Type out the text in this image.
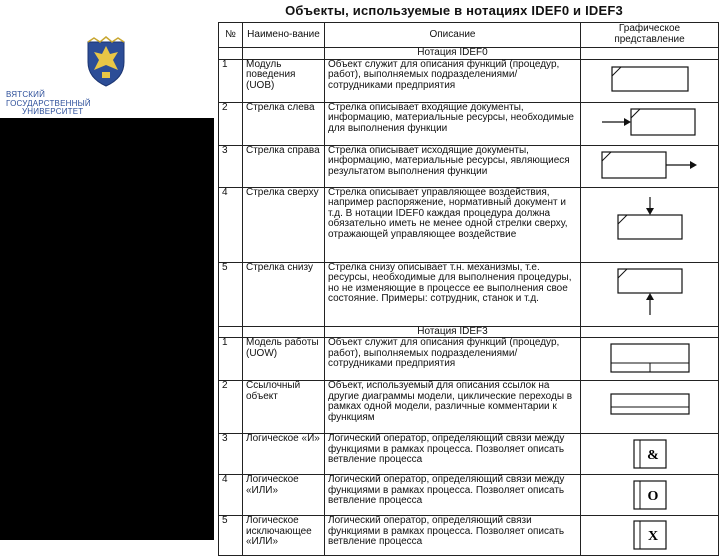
ВЯТСКИЙ
ГОСУДАРСТВЕННЫЙ
УНИВЕРСИТЕТ
Объекты, используемые в нотациях IDEF0 и IDEF3
№	Наимено-вание	Описание	Графическое представление
		Нотация IDEF0	
1	Модуль поведения (UOB)	Объект служит для описания функций (процедур, работ), выполняемых подразделениями/сотрудниками предприятия	

2	Стрелка слева	Стрелка описывает входящие документы, информацию, материальные ресурсы, необходимые для выполнения функции	

3	Стрелка справа	Стрелка описывает исходящие документы, информацию, материальные ресурсы, являющиеся результатом выполнения функции	

4	Стрелка сверху	Стрелка описывает управляющее воздействия, например распоряжение, нормативный документ и т.д. В нотации IDEF0 каждая процедура должна обязательно иметь не менее одной стрелки сверху, отражающей управляющее воздействие	

5	Стрелка снизу	Стрелка снизу описывает т.н. механизмы, т.е. ресурсы, необходимые для выполнения процедуры, но не изменяющие в процессе ее выполнения свое состояние. Примеры: сотрудник, станок и т.д.	

		Нотация IDEF3	
1	Модель работы (UOW)	Объект служит для описания функций (процедур, работ), выполняемых подразделениями/сотрудниками предприятия	

2	Ссылочный объект	Объект, используемый для описания ссылок на другие диаграммы модели, циклические переходы в рамках одной модели, различные комментарии к функциям	

3	Логическое «И»	Логический оператор, определяющий связи между функциями в рамках процесса. Позволяет описать ветвление процесса	&

4	Логическое «ИЛИ»	Логический оператор, определяющий связи между функциями в рамках процесса. Позволяет описать ветвление процесса	O

5	Логическое исключающее «ИЛИ»	Логический оператор, определяющий связи функциями в рамках процесса. Позволяет описать ветвление процесса	X
